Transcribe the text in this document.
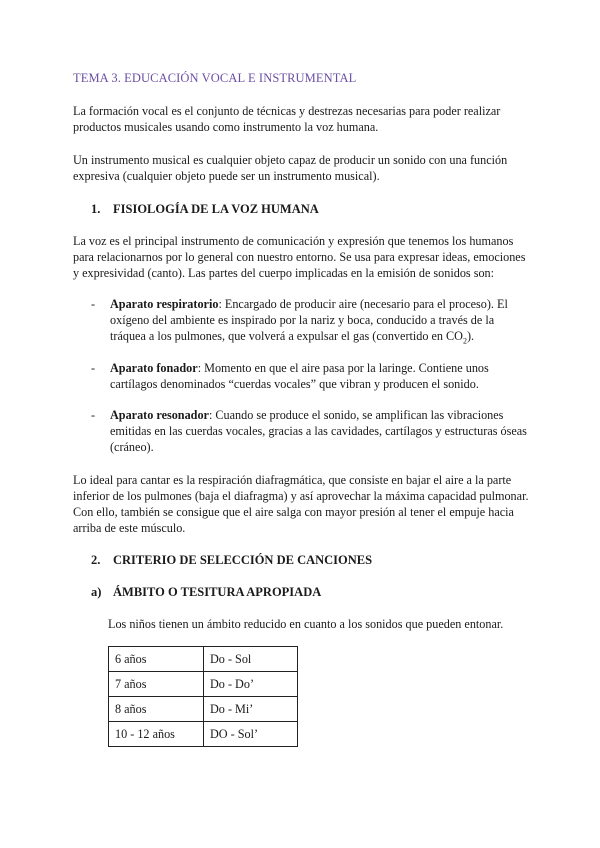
TEMA 3. EDUCACIÓN VOCAL E INSTRUMENTAL

La formación vocal es el conjunto de técnicas y destrezas necesarias para poder realizar
productos musicales usando como instrumento la voz humana.

Un instrumento musical es cualquier objeto capaz de producir un sonido con una función
expresiva (cualquier objeto puede ser un instrumento musical).

1. FISIOLOGÍA DE LA VOZ HUMANA

La voz es el principal instrumento de comunicación y expresión que tenemos los humanos
para relacionarnos por lo general con nuestro entorno. Se usa para expresar ideas, emociones
y expresividad (canto). Las partes del cuerpo implicadas en la emisión de sonidos son:

- Aparato respiratorio: Encargado de producir aire (necesario para el proceso). El
oxígeno del ambiente es inspirado por la nariz y boca, conducido a través de la
tráquea a los pulmones, que volverá a expulsar el gas (convertido en $CO_2$).
- Aparato fonador: Momento en que el aire pasa por la laringe. Contiene unos
cartílagos denominados “cuerdas vocales” que vibran y producen el sonido.
- Aparato resonador: Cuando se produce el sonido, se amplifican las vibraciones
emitidas en las cuerdas vocales, gracias a las cavidades, cartílagos y estructuras óseas
(cráneo).

Lo ideal para cantar es la respiración diafragmática, que consiste en bajar el aire a la parte
inferior de los pulmones (baja el diafragma) y así aprovechar la máxima capacidad pulmonar.
Con ello, también se consigue que el aire salga con mayor presión al tener el empuje hacia
arriba de este músculo.

2. CRITERIO DE SELECCIÓN DE CANCIONES
a) ÁMBITO O TESITURA APROPIADA

Los niños tienen un ámbito reducido en cuanto a los sonidos que pueden entonar.

6 años	Do - Sol
7 años	Do - Do’
8 años	Do - Mi’
10 - 12 años	DO - Sol’
